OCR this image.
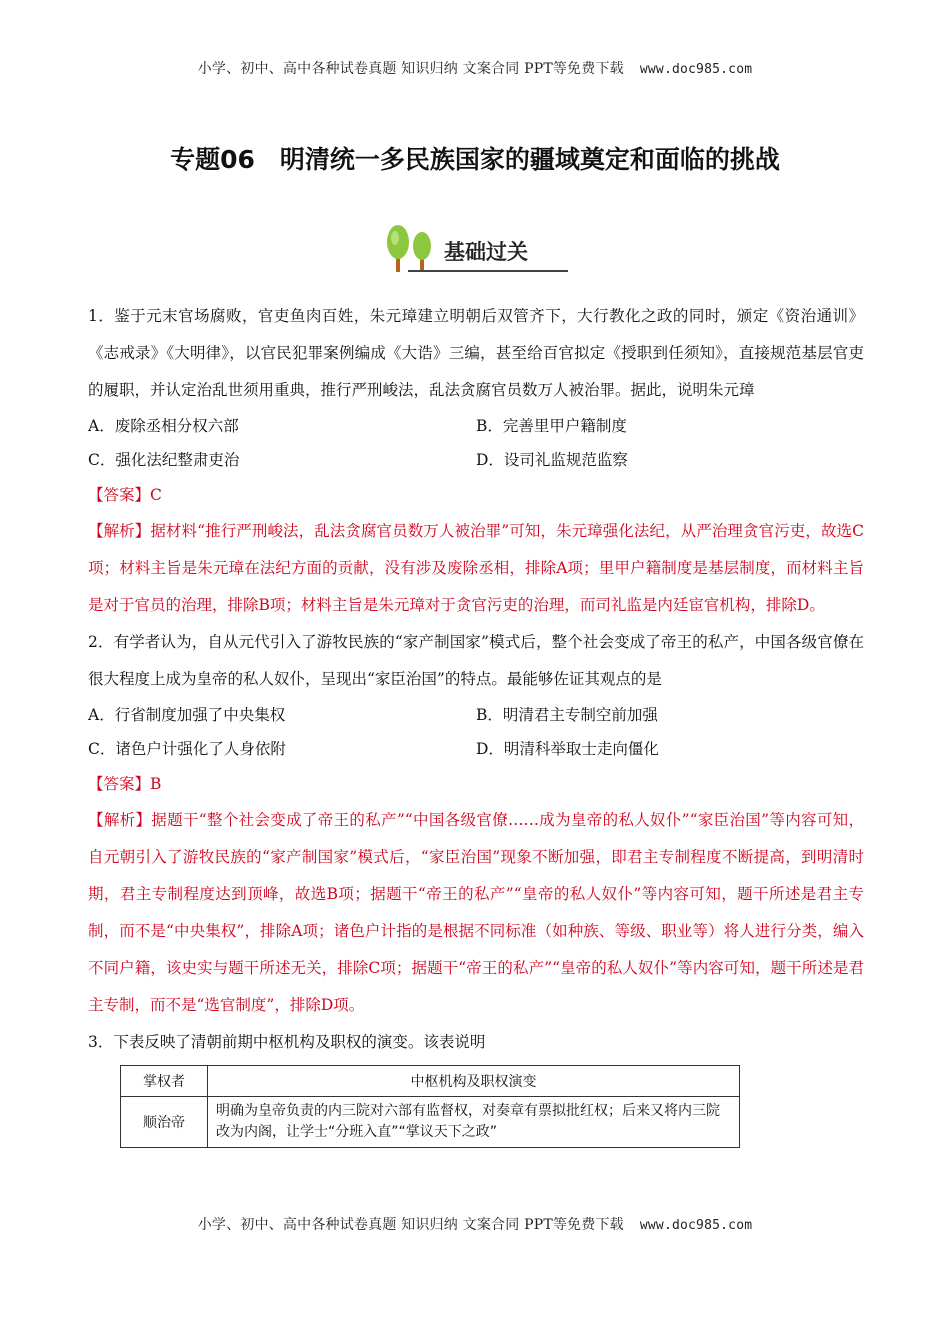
小学、初中、高中各种试卷真题 知识归纳 文案合同 PPT等免费下载 www.doc985.com
专题06　明清统一多民族国家的疆域奠定和面临的挑战
基础过关

1．鉴于元末官场腐败，官吏鱼肉百姓，朱元璋建立明朝后双管齐下，大行教化之政的同时，颁定《资治通训》《志戒录》《大明律》，以官民犯罪案例编成《大诰》三编，甚至给百官拟定《授职到任须知》，直接规范基层官吏的履职，并认定治乱世须用重典，推行严刑峻法，乱法贪腐官员数万人被治罪。据此，说明朱元璋

A．废除丞相分权六部	B．完善里甲户籍制度
C．强化法纪整肃吏治	D．设司礼监规范监察
【答案】C
【解析】据材料“推行严刑峻法，乱法贪腐官员数万人被治罪”可知，朱元璋强化法纪，从严治理贪官污吏，故选C项；材料主旨是朱元璋在法纪方面的贡献，没有涉及废除丞相，排除A项；里甲户籍制度是基层制度，而材料主旨是对于官员的治理，排除B项；材料主旨是朱元璋对于贪官污吏的治理，而司礼监是内廷宦官机构，排除D。

2．有学者认为，自从元代引入了游牧民族的“家产制国家”模式后，整个社会变成了帝王的私产，中国各级官僚在很大程度上成为皇帝的私人奴仆，呈现出“家臣治国”的特点。最能够佐证其观点的是

A．行省制度加强了中央集权	B．明清君主专制空前加强
C．诸色户计强化了人身依附	D．明清科举取士走向僵化
【答案】B
【解析】据题干“整个社会变成了帝王的私产”“中国各级官僚……成为皇帝的私人奴仆”“家臣治国”等内容可知，自元朝引入了游牧民族的“家产制国家”模式后，“家臣治国”现象不断加强，即君主专制程度不断提高，到明清时期，君主专制程度达到顶峰，故选B项；据题干“帝王的私产”“皇帝的私人奴仆”等内容可知，题干所述是君主专制，而不是“中央集权”，排除A项；诸色户计指的是根据不同标准（如种族、等级、职业等）将人进行分类，编入不同户籍，该史实与题干所述无关，排除C项；据题干“帝王的私产”“皇帝的私人奴仆”等内容可知，题干所述是君主专制，而不是“选官制度”，排除D项。

3．下表反映了清朝前期中枢机构及职权的演变。该表说明

掌权者	中枢机构及职权演变
顺治帝	明确为皇帝负责的内三院对六部有监督权，对奏章有票拟批红权；后来又将内三院改为内阁，让学士“分班入直”“掌议天下之政”
小学、初中、高中各种试卷真题 知识归纳 文案合同 PPT等免费下载 www.doc985.com
